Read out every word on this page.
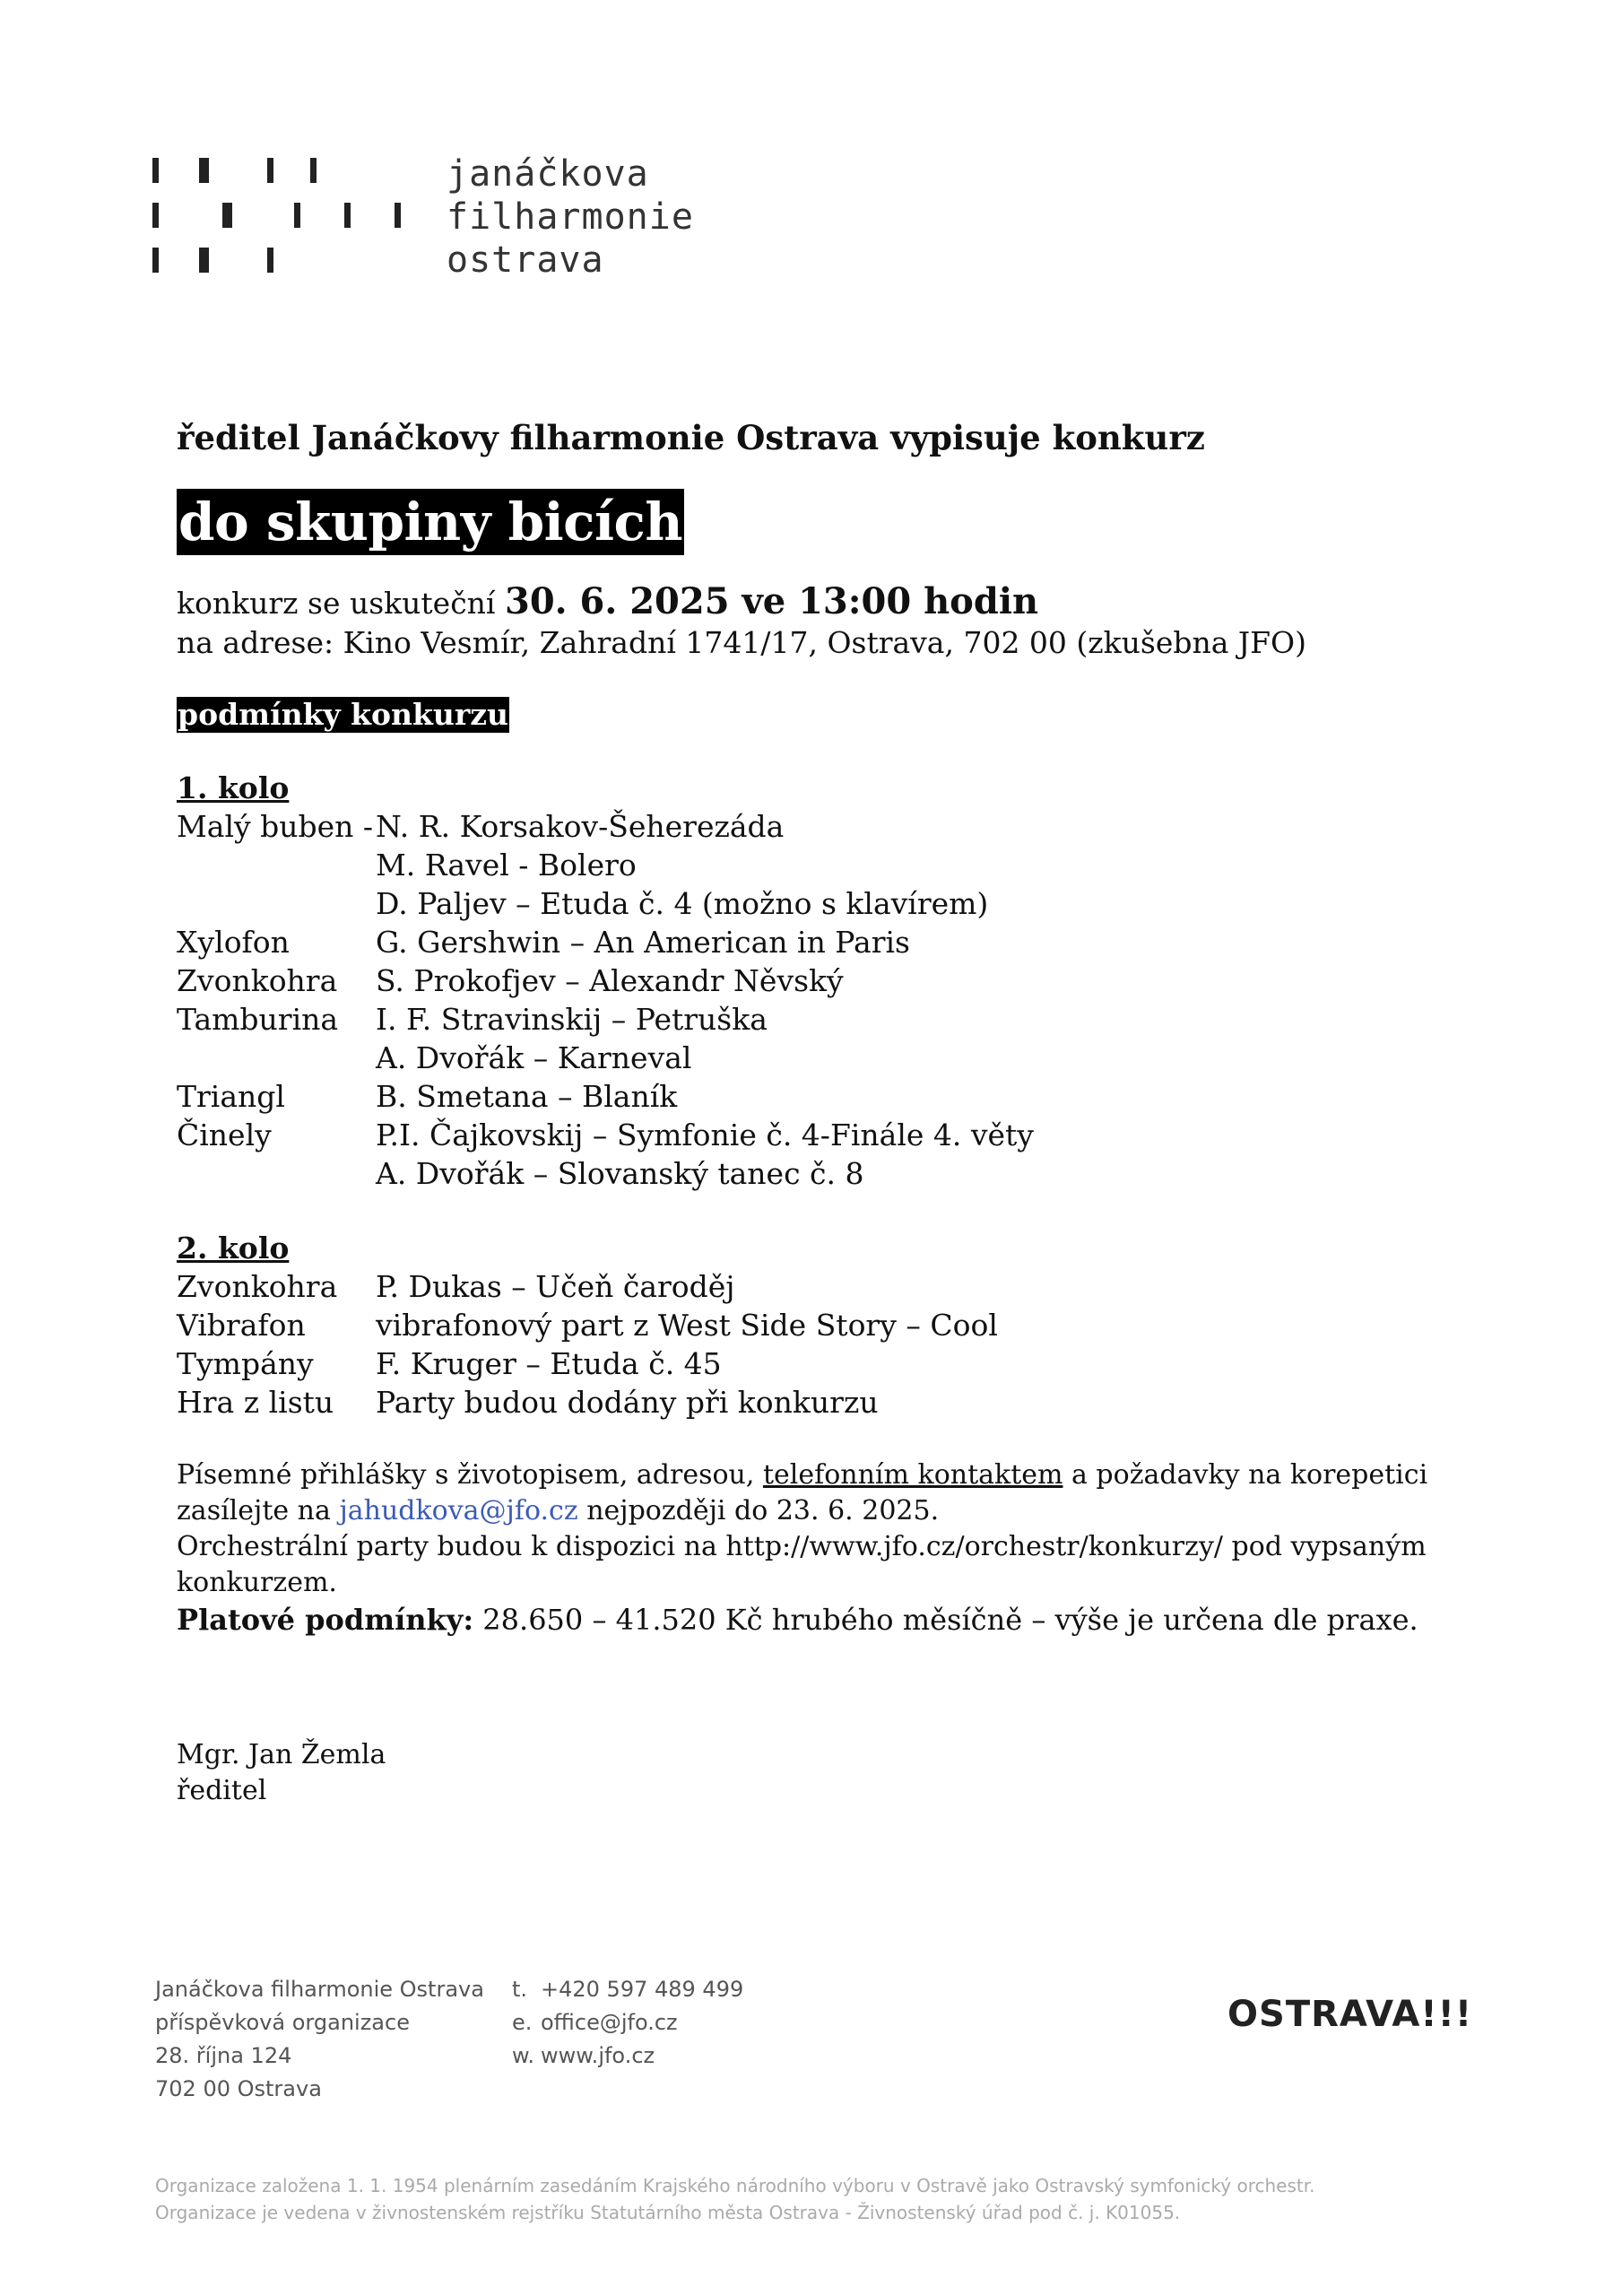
janáčkova
filharmonie
ostrava

ředitel Janáčkovy filharmonie Ostrava vypisuje konkurz

do skupiny bicích
konkurz se uskuteční 30. 6. 2025 ve 13:00 hodin
na adrese: Kino Vesmír, Zahradní 1741/17, Ostrava, 702 00 (zkušebna JFO)
podmínky konkurzu
1. kolo
Malý buben - N. R. Korsakov-Šeherezáda
M. Ravel - Bolero
D. Paljev – Etuda č. 4 (možno s klavírem)
Xylofon	G. Gershwin – An American in Paris
Zvonkohra	S. Prokofjev – Alexandr Něvský
Tamburina	I. F. Stravinskij – Petruška
A. Dvořák – Karneval
Triangl	B. Smetana – Blaník
Činely	P.I. Čajkovskij – Symfonie č. 4-Finále 4. věty
A. Dvořák – Slovanský tanec č. 8
2. kolo
Zvonkohra	P. Dukas – Učeň čaroděj
Vibrafon	vibrafonový part z West Side Story – Cool
Tympány	F. Kruger – Etuda č. 45
Hra z listu	Party budou dodány při konkurzu
Písemné přihlášky s životopisem, adresou, telefonním kontaktem a požadavky na korepetici
zasílejte na jahudkova@jfo.cz nejpozději do 23. 6. 2025.
Orchestrální party budou k dispozici na http://www.jfo.cz/orchestr/konkurzy/ pod vypsaným konkurzem.
Platové podmínky: 28.650 – 41.520 Kč hrubého měsíčně – výše je určena dle praxe.
Mgr. Jan Žemla
ředitel
Janáčkova filharmonie Ostrava
příspěvková organizace
28. října 124
702 00 Ostrava
t. +420 597 489 499
e. office@jfo.cz
w. www.jfo.cz
OSTRAVA!!!
Organizace založena 1. 1. 1954 plenárním zasedáním Krajského národního výboru v Ostravě jako Ostravský symfonický orchestr.
Organizace je vedena v živnostenském rejstříku Statutárního města Ostrava - Živnostenský úřad pod č. j. K01055.
